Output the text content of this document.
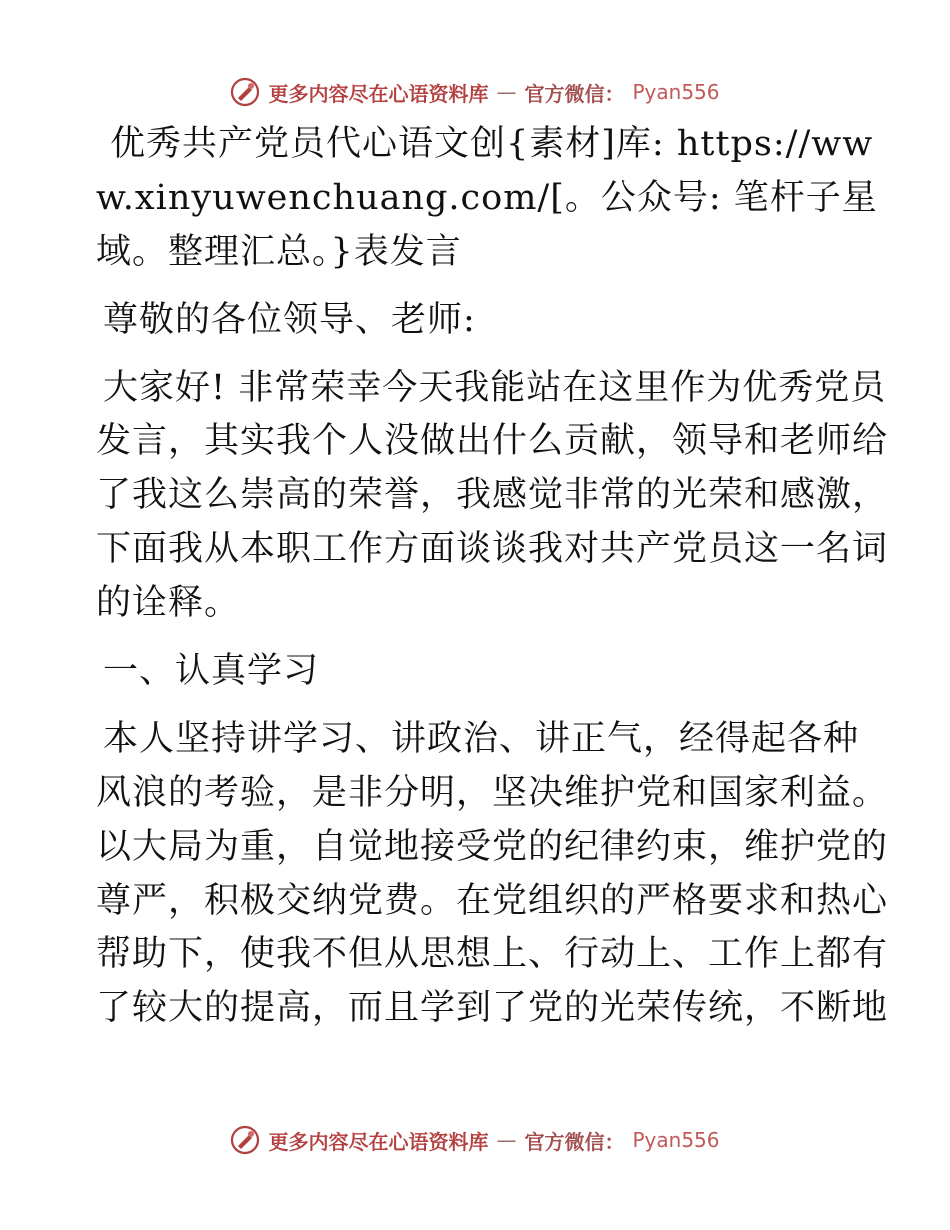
更多内容尽在心语资料库 — 官方微信： Pyan556

优秀共产党员代心语文创{素材]库: https://www.xinyuwenchuang.com/[。公众号: 笔杆子星域。整理汇总。}表发言

尊敬的各位领导、老师:

大家好! 非常荣幸今天我能站在这里作为优秀党员发言，其实我个人没做出什么贡献，领导和老师给了我这么崇高的荣誉，我感觉非常的光荣和感激，下面我从本职工作方面谈谈我对共产党员这一名词的诠释。

一、认真学习

本人坚持讲学习、讲政治、讲正气，经得起各种风浪的考验，是非分明，坚决维护党和国家利益。以大局为重，自觉地接受党的纪律约束，维护党的尊严，积极交纳党费。在党组织的严格要求和热心帮助下，使我不但从思想上、行动上、工作上都有了较大的提高，而且学到了党的光荣传统，不断地

更多内容尽在心语资料库 — 官方微信： Pyan556
